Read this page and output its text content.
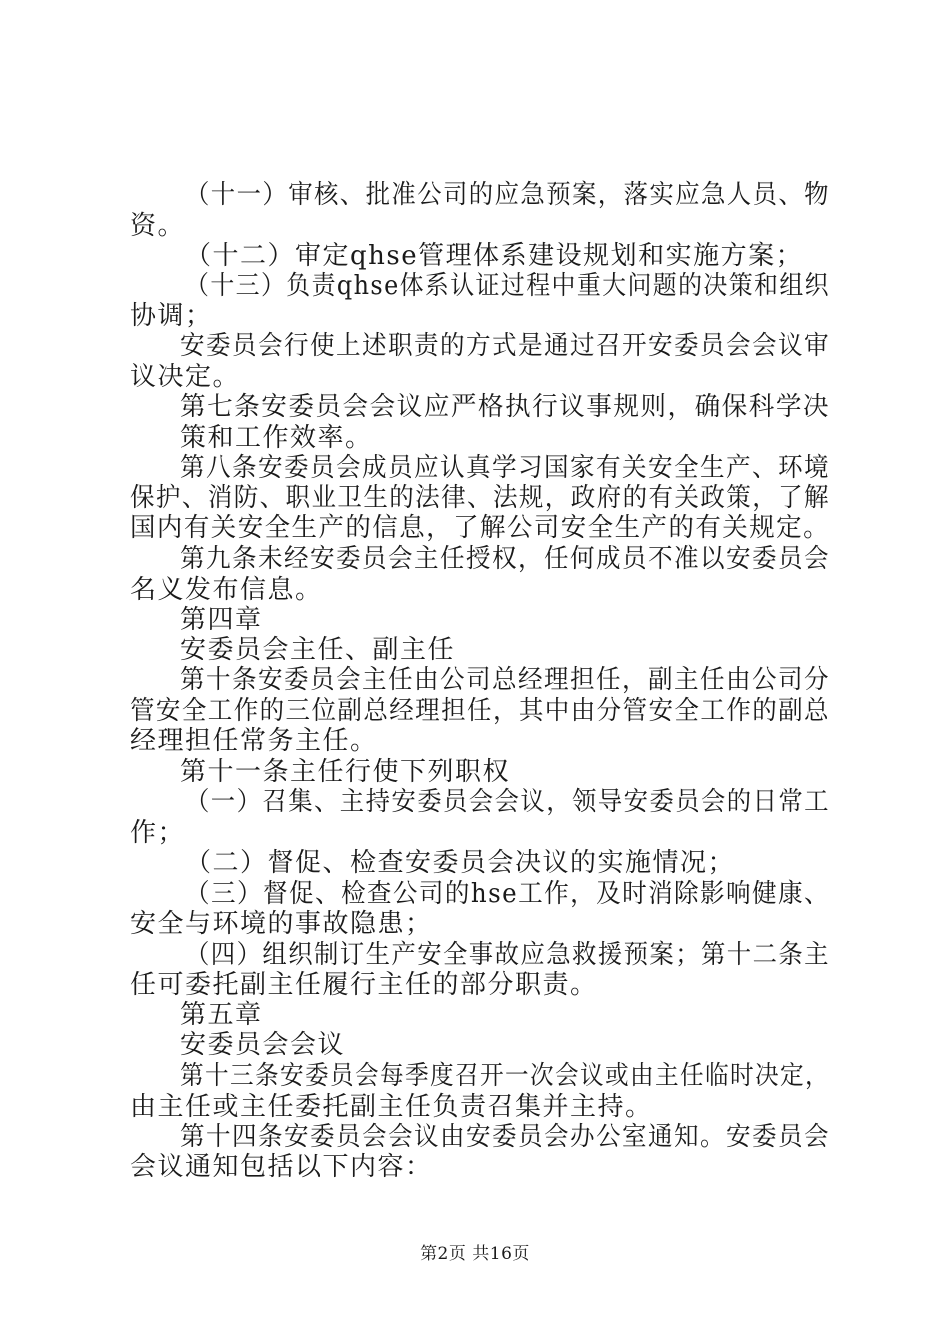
（十一）审核、批准公司的应急预案，落实应急人员、物
资。
（十二）审定qhse管理体系建设规划和实施方案；
（十三）负责qhse体系认证过程中重大问题的决策和组织
协调；
安委员会行使上述职责的方式是通过召开安委员会会议审
议决定。
第七条安委员会会议应严格执行议事规则，确保科学决
策和工作效率。
第八条安委员会成员应认真学习国家有关安全生产、环境
保护、消防、职业卫生的法律、法规，政府的有关政策，了解
国内有关安全生产的信息，了解公司安全生产的有关规定。
第九条未经安委员会主任授权，任何成员不准以安委员会
名义发布信息。
第四章
安委员会主任、副主任
第十条安委员会主任由公司总经理担任，副主任由公司分
管安全工作的三位副总经理担任，其中由分管安全工作的副总
经理担任常务主任。
第十一条主任行使下列职权
（一）召集、主持安委员会会议，领导安委员会的日常工
作；
（二）督促、检查安委员会决议的实施情况；
（三）督促、检查公司的hse工作，及时消除影响健康、
安全与环境的事故隐患；
（四）组织制订生产安全事故应急救援预案；第十二条主
任可委托副主任履行主任的部分职责。
第五章
安委员会会议
第十三条安委员会每季度召开一次会议或由主任临时决定，
由主任或主任委托副主任负责召集并主持。
第十四条安委员会会议由安委员会办公室通知。安委员会
会议通知包括以下内容：
第2页 共16页
